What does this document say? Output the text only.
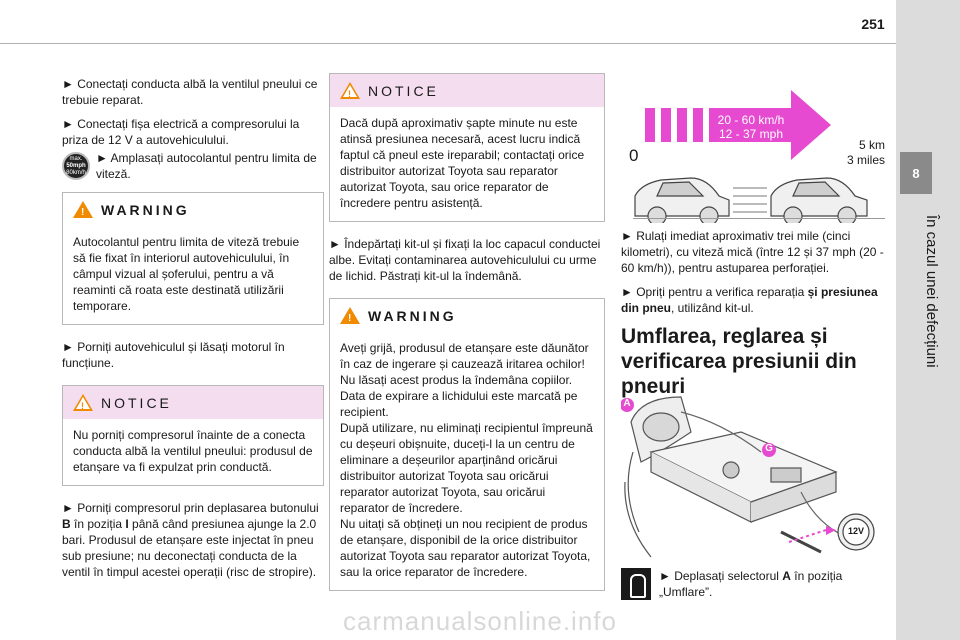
251
8
În cazul unei defecțiuni

► Conectați conducta albă la ventilul pneului ce trebuie reparat.

► Conectați fișa electrică a compresorului la priza de 12 V a autovehiculului.

max.
50mph
80km/h

► Amplasați autocolantul pentru limita de viteză.

! WARNING
Autocolantul pentru limita de viteză trebuie să fie fixat în interiorul autovehiculului, în câmpul vizual al șoferului, pentru a vă reaminti că roata este destinată utilizării temporare.

► Porniți autovehiculul și lăsați motorul în funcțiune.

! NOTICE
Nu porniți compresorul înainte de a conecta conducta albă la ventilul pneului: produsul de etanșare va fi expulzat prin conductă.

► Porniți compresorul prin deplasarea butonului B în poziția I până când presiunea ajunge la 2.0 bari. Produsul de etanșare este injectat în pneu sub presiune; nu deconectați conducta de la ventil în timpul acestei operații (risc de stropire).

! NOTICE
Dacă după aproximativ șapte minute nu este atinsă presiunea necesară, acest lucru indică faptul că pneul este ireparabil; contactați orice distribuitor autorizat Toyota sau reparator autorizat Toyota, sau orice reparator de încredere pentru asistență.

► Îndepărtați kit-ul și fixați la loc capacul conductei albe. Evitați contaminarea autovehiculului cu urme de lichid. Păstrați kit-ul la îndemână.

! WARNING
Aveți grijă, produsul de etanșare este dăunător în caz de ingerare și cauzează iritarea ochilor!
Nu lăsați acest produs la îndemâna copiilor.
Data de expirare a lichidului este marcată pe recipient.
După utilizare, nu eliminați recipientul împreună cu deșeuri obișnuite, duceți-l la un centru de eliminare a deșeurilor aparținând oricărui distribuitor autorizat Toyota sau oricărui reparator autorizat Toyota, sau oricărui reparator de încredere.
Nu uitați să obțineți un nou recipient de produs de etanșare, disponibil de la orice distribuitor autorizat Toyota sau reparator autorizat Toyota, sau la orice reparator de încredere.
20 - 60 km/h
12 - 37 mph
0
5 km
3 miles

► Rulați imediat aproximativ trei mile (cinci kilometri), cu viteză mică (între 12 și 37 mph (20 - 60 km/h)), pentru astuparea perforației.

► Opriți pentru a verifica reparația și presiunea din pneu, utilizând kit-ul.

Umflarea, reglarea și verificarea presiunii din pneuri
A
G
12V
► Deplasați selectorul A în poziția „Umflare”.
carmanualsonline.info
